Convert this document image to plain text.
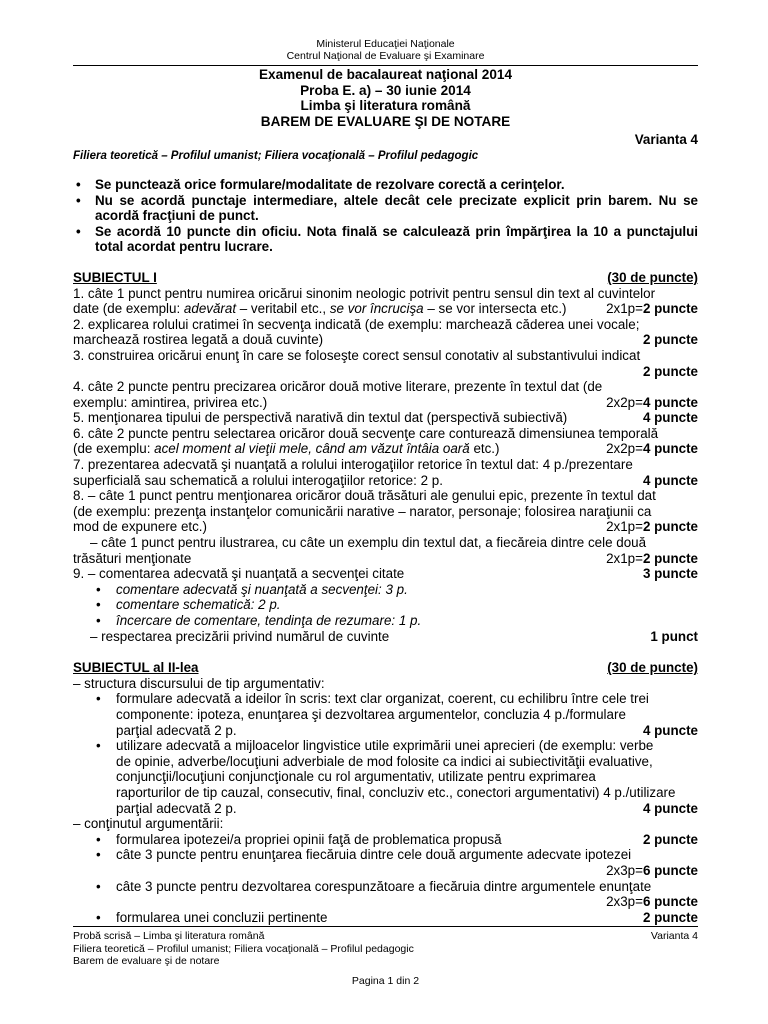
Ministerul Educaţiei Naţionale
Centrul Naţional de Evaluare şi Examinare
Examenul de bacalaureat naţional 2014
Proba E. a) – 30 iunie 2014
Limba şi literatura română
BAREM DE EVALUARE ŞI DE NOTARE
Varianta 4
Filiera teoretică – Profilul umanist; Filiera vocaţională – Profilul pedagogic
• Se punctează orice formulare/modalitate de rezolvare corectă a cerinţelor.
• Nu se acordă punctaje intermediare, altele decât cele precizate explicit prin barem. Nu se acordă fracţiuni de punct.
• Se acordă 10 puncte din oficiu. Nota finală se calculează prin împărţirea la 10 a punctajului total acordat pentru lucrare.
SUBIECTUL I	(30 de puncte)

1. câte 1 punct pentru numirea oricărui sinonim neologic potrivit pentru sensul din text al cuvintelor

date (de exemplu: adevărat – veritabil etc., se vor încrucişa – se vor intersecta etc.)	2x1p=2 puncte

2. explicarea rolului cratimei în secvenţa indicată (de exemplu: marchează căderea unei vocale;

marchează rostirea legată a două cuvinte)	2 puncte

3. construirea oricărui enunţ în care se foloseşte corect sensul conotativ al substantivului indicat

2 puncte

4. câte 2 puncte pentru precizarea oricăror două motive literare, prezente în textul dat (de

exemplu: amintirea, privirea etc.)	2x2p=4 puncte
5. menţionarea tipului de perspectivă narativă din textul dat (perspectivă subiectivă)	4 puncte

6. câte 2 puncte pentru selectarea oricăror două secvenţe care conturează dimensiunea temporală

(de exemplu: acel moment al vieţii mele, când am văzut întâia oară etc.)	2x2p=4 puncte

7. prezentarea adecvată şi nuanţată a rolului interogaţiilor retorice în textul dat: 4 p./prezentare

superficială sau schematică a rolului interogaţiilor retorice: 2 p.	4 puncte

8. – câte 1 punct pentru menţionarea oricăror două trăsături ale genului epic, prezente în textul dat

(de exemplu: prezenţa instanţelor comunicării narative – narator, personaje; folosirea naraţiunii ca

mod de expunere etc.)	2x1p=2 puncte

– câte 1 punct pentru ilustrarea, cu câte un exemplu din textul dat, a fiecăreia dintre cele două

trăsături menţionate	2x1p=2 puncte
9. – comentarea adecvată şi nuanţată a secvenţei citate	3 puncte
• comentare adecvată şi nuanţată a secvenţei: 3 p.
• comentare schematică: 2 p.
• încercare de comentare, tendinţa de rezumare: 1 p.
– respectarea precizării privind numărul de cuvinte	1 punct
SUBIECTUL al II-lea	(30 de puncte)

– structura discursului de tip argumentativ:

• formulare adecvată a ideilor în scris: text clar organizat, coerent, cu echilibru între cele trei
componente: ipoteza, enunţarea şi dezvoltarea argumentelor, concluzia 4 p./formulare
parţial adecvată 2 p.	4 puncte
• utilizare adecvată a mijloacelor lingvistice utile exprimării unei aprecieri (de exemplu: verbe
de opinie, adverbe/locuţiuni adverbiale de mod folosite ca indici ai subiectivităţii evaluative,
conjuncţii/locuţiuni conjuncţionale cu rol argumentativ, utilizate pentru exprimarea
raporturilor de tip cauzal, consecutiv, final, concluziv etc., conectori argumentativi) 4 p./utilizare
parţial adecvată 2 p.	4 puncte

– conţinutul argumentării:

• formularea ipotezei/a propriei opinii faţă de problematica propusă	2 puncte
• câte 3 puncte pentru enunţarea fiecăruia dintre cele două argumente adecvate ipotezei
2x3p=6 puncte
• câte 3 puncte pentru dezvoltarea corespunzătoare a fiecăruia dintre argumentele enunţate
2x3p=6 puncte
• formularea unei concluzii pertinente	2 puncte
Probă scrisă – Limba şi literatura română	Varianta 4
Filiera teoretică – Profilul umanist; Filiera vocaţională – Profilul pedagogic
Barem de evaluare şi de notare
Pagina 1 din 2
